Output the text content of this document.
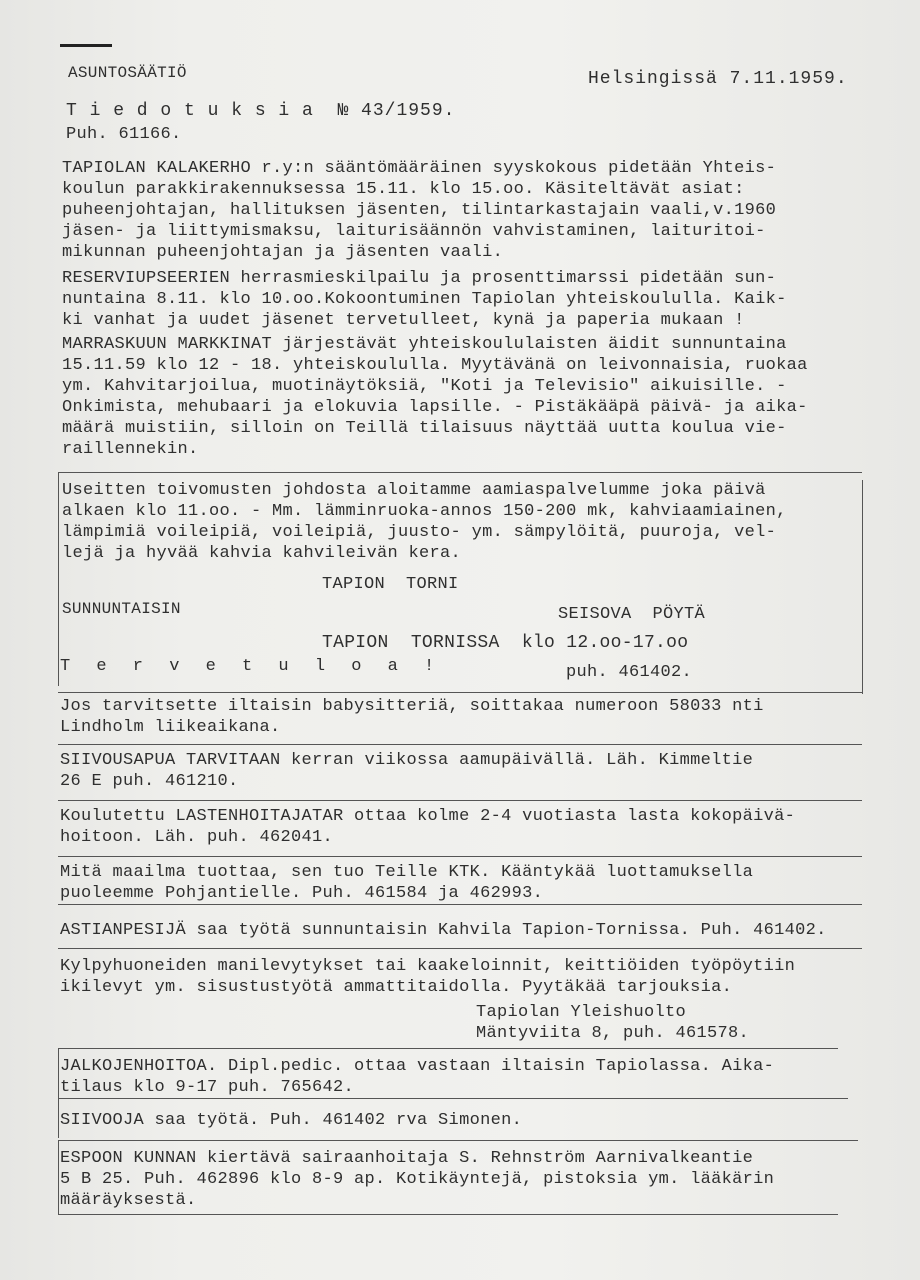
ASUNTOSÄÄTIÖ	Helsingissä 7.11.1959.
T i e d o t u k s i a  № 43/1959.
Puh. 61166.
TAPIOLAN KALAKERHO r.y:n sääntömääräinen syyskokous pidetään Yhteis-
koulun parakkirakennuksessa 15.11. klo 15.oo. Käsiteltävät asiat:
puheenjohtajan, hallituksen jäsenten, tilintarkastajain vaali,v.1960
jäsen- ja liittymismaksu, laiturisäännön vahvistaminen, laituritoi-
mikunnan puheenjohtajan ja jäsenten vaali.
RESERVIUPSEERIEN herrasmieskilpailu ja prosenttimarssi pidetään sun-
nuntaina 8.11. klo 10.oo.Kokoontuminen Tapiolan yhteiskoululla. Kaik-
ki vanhat ja uudet jäsenet tervetulleet, kynä ja paperia mukaan !
MARRASKUUN MARKKINAT järjestävät yhteiskoululaisten äidit sunnuntaina
15.11.59 klo 12 - 18. yhteiskoululla. Myytävänä on leivonnaisia, ruokaa
ym. Kahvitarjoilua, muotinäytöksiä, "Koti ja Televisio" aikuisille. -
Onkimista, mehubaari ja elokuvia lapsille. - Pistäkääpä päivä- ja aika-
määrä muistiin, silloin on Teillä tilaisuus näyttää uutta koulua vie-
raillennekin.
Useitten toivomusten johdosta aloitamme aamiaspalvelumme joka päivä
alkaen klo 11.oo. - Mm. lämminruoka-annos 150-200 mk, kahviaamiainen,
lämpimiä voileipiä, voileipiä, juusto- ym. sämpylöitä, puuroja, vel-
lejä ja hyvää kahvia kahvileivän kera.
TAPION  TORNI
SUNNUNTAISIN	SEISOVA  PÖYTÄ
TAPION  TORNISSA  klo 12.oo-17.oo
T e r v e t u l o a !	puh. 461402.
Jos tarvitsette iltaisin babysitteriä, soittakaa numeroon 58033 nti
Lindholm liikeaikana.
SIIVOUSAPUA TARVITAAN kerran viikossa aamupäivällä. Läh. Kimmeltie
26 E puh. 461210.
Koulutettu LASTENHOITAJATAR ottaa kolme 2-4 vuotiasta lasta kokopäivä-
hoitoon. Läh. puh. 462041.
Mitä maailma tuottaa, sen tuo Teille KTK. Kääntykää luottamuksella
puoleemme Pohjantielle. Puh. 461584 ja 462993.
ASTIANPESIJÄ saa työtä sunnuntaisin Kahvila Tapion-Tornissa. Puh. 461402.
Kylpyhuoneiden manilevytykset tai kaakeloinnit, keittiöiden työpöytiin
ikilevyt ym. sisustustyötä ammattitaidolla. Pyytäkää tarjouksia.
Tapiolan Yleishuolto
Mäntyviita 8, puh. 461578.
JALKOJENHOITOA. Dipl.pedic. ottaa vastaan iltaisin Tapiolassa. Aika-
tilaus klo 9-17 puh. 765642.
SIIVOOJA saa työtä. Puh. 461402 rva Simonen.
ESPOON KUNNAN kiertävä sairaanhoitaja S. Rehnström Aarnivalkeantie
5 B 25. Puh. 462896 klo 8-9 ap. Kotikäyntejä, pistoksia ym. lääkärin
määräyksestä.
